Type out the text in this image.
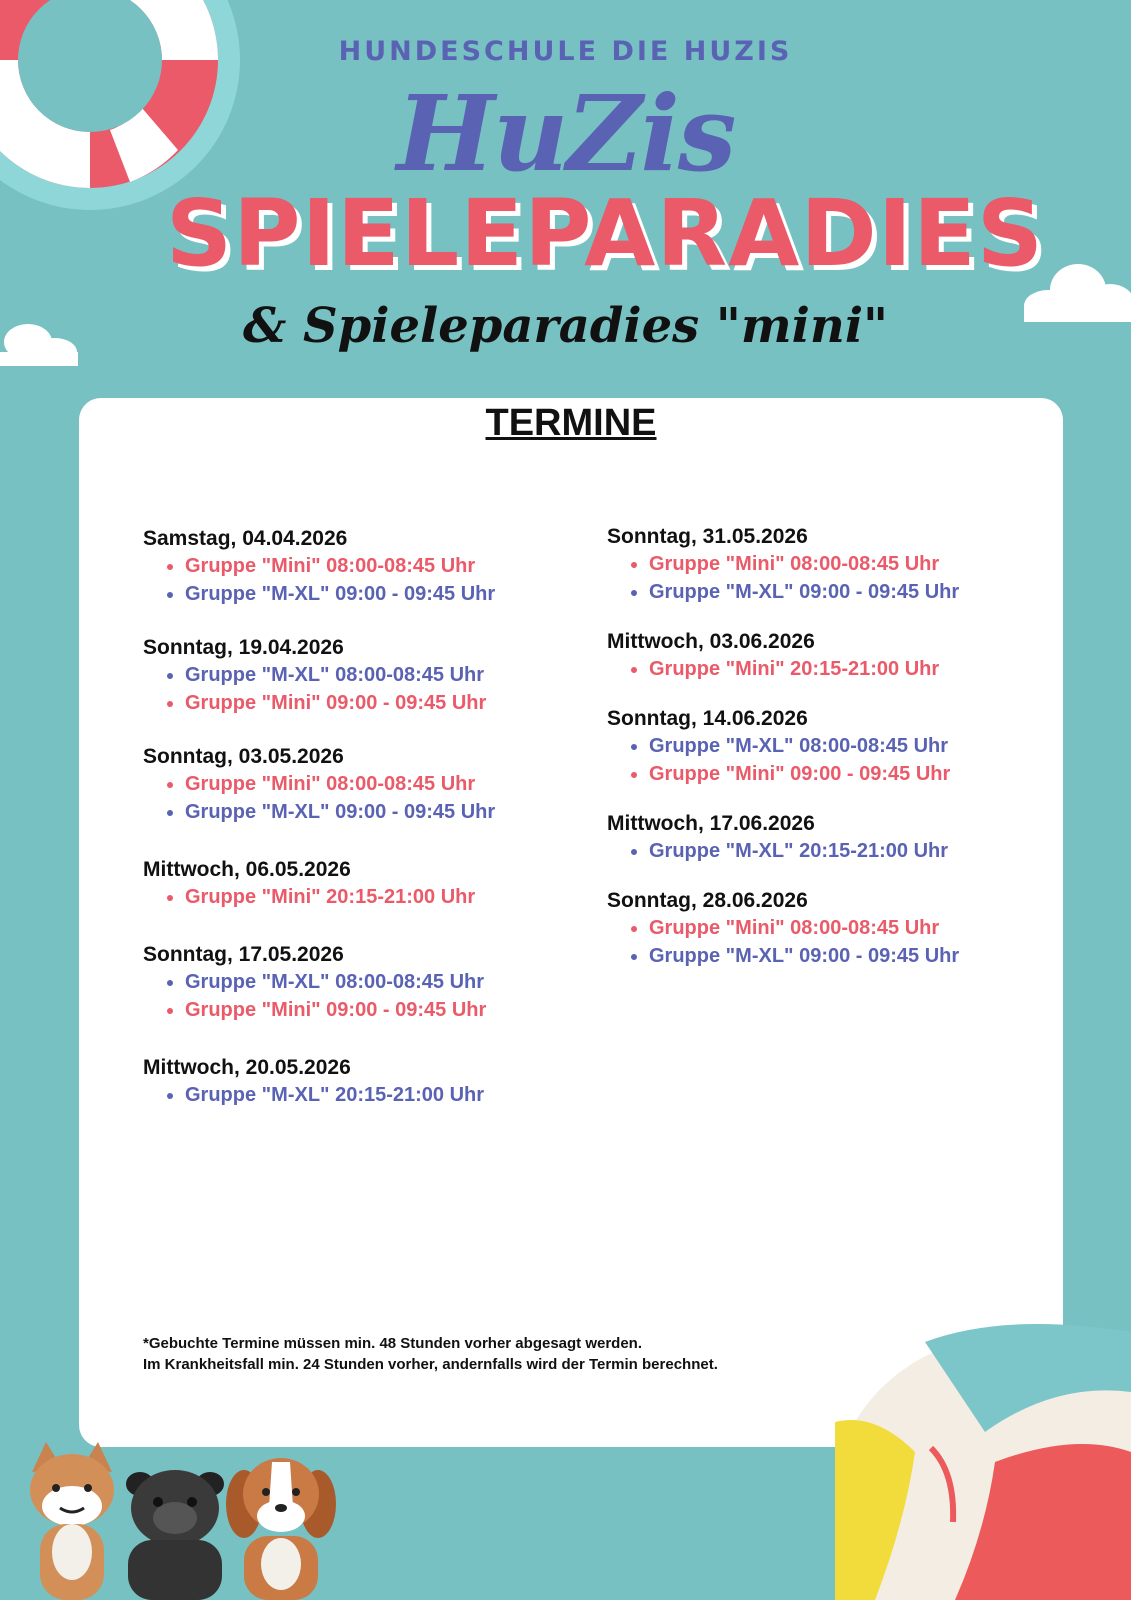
HUNDESCHULE DIE HUZIS
HuZis
SPIELEPARADIES
& Spieleparadies "mini"
TERMINE
Samstag, 04.04.2026
• Gruppe "Mini" 08:00-08:45 Uhr
• Gruppe "M-XL" 09:00 - 09:45 Uhr
Sonntag, 19.04.2026
• Gruppe "M-XL" 08:00-08:45 Uhr
• Gruppe "Mini" 09:00 - 09:45 Uhr
Sonntag, 03.05.2026
• Gruppe "Mini" 08:00-08:45 Uhr
• Gruppe "M-XL" 09:00 - 09:45 Uhr
Mittwoch, 06.05.2026
• Gruppe "Mini" 20:15-21:00 Uhr
Sonntag, 17.05.2026
• Gruppe "M-XL" 08:00-08:45 Uhr
• Gruppe "Mini" 09:00 - 09:45 Uhr
Mittwoch, 20.05.2026
• Gruppe "M-XL" 20:15-21:00 Uhr
Sonntag, 31.05.2026
• Gruppe "Mini" 08:00-08:45 Uhr
• Gruppe "M-XL" 09:00 - 09:45 Uhr
Mittwoch, 03.06.2026
• Gruppe "Mini" 20:15-21:00 Uhr
Sonntag, 14.06.2026
• Gruppe "M-XL" 08:00-08:45 Uhr
• Gruppe "Mini" 09:00 - 09:45 Uhr
Mittwoch, 17.06.2026
• Gruppe "M-XL" 20:15-21:00 Uhr
Sonntag, 28.06.2026
• Gruppe "Mini" 08:00-08:45 Uhr
• Gruppe "M-XL" 09:00 - 09:45 Uhr
*Gebuchte Termine müssen min. 48 Stunden vorher abgesagt werden.
Im Krankheitsfall min. 24 Stunden vorher, andernfalls wird der Termin berechnet.
